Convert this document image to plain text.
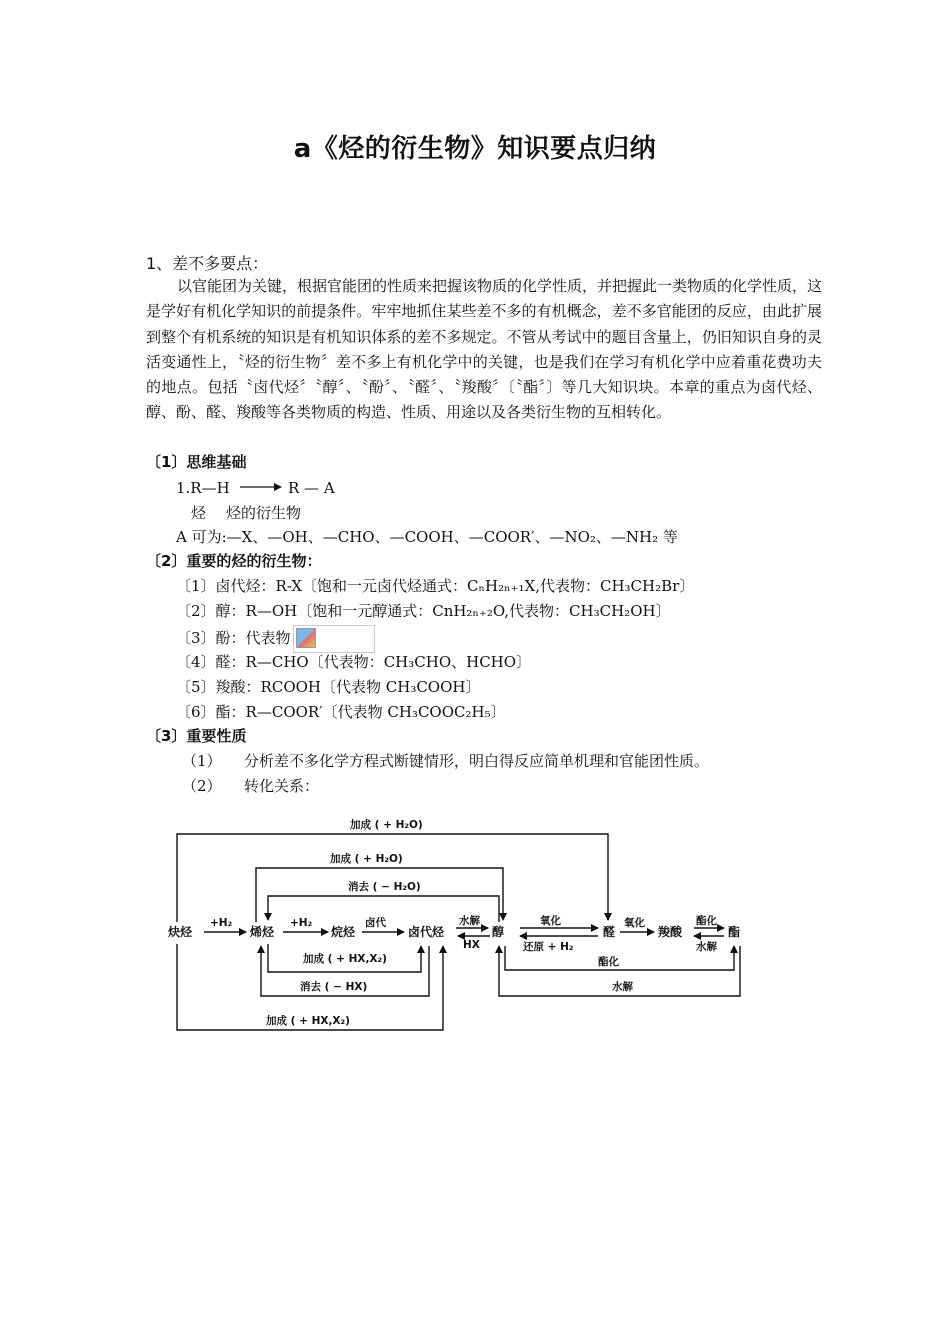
a《烃的衍生物》知识要点归纳
1、差不多要点：
以官能团为关键，根据官能团的性质来把握该物质的化学性质，并把握此一类物质的化学性质，这是学好有机化学知识的前提条件。牢牢地抓住某些差不多的有机概念，差不多官能团的反应，由此扩展到整个有机系统的知识是有机知识体系的差不多规定。不管从考试中的题目含量上，仍旧知识自身的灵活变通性上，〝烃的衍生物〞差不多上有机化学中的关键，也是我们在学习有机化学中应着重花费功夫的地点。包括〝卤代烃〞〝醇〞、〝酚〞、〝醛〞、〝羧酸〞〔〝酯〞〕等几大知识块。本章的重点为卤代烃、醇、酚、醛、羧酸等各类物质的构造、性质、用途以及各类衍生物的互相转化。
〔1〕思维基础
1.R—H → R — A
烃 烃的衍生物
A 可为:—X、—OH、—CHO、—COOH、—COOR′、—NO₂、—NH₂ 等
〔2〕重要的烃的衍生物：
〔1〕卤代烃：R-X〔饱和一元卤代烃通式：CₙH₂ₙ₊₁X,代表物：CH₃CH₂Br〕
〔2〕醇：R—OH〔饱和一元醇通式：CnH₂ₙ₊₂O,代表物：CH₃CH₂OH〕
〔3〕酚：代表物
〔4〕醛：R—CHO〔代表物：CH₃CHO、HCHO〕
〔5〕羧酸：RCOOH〔代表物 CH₃COOH〕
〔6〕酯：R—COOR′〔代表物 CH₃COOC₂H₅〕
〔3〕重要性质
（1） 分析差不多化学方程式断键情形，明白得反应简单机理和官能团性质。
（2） 转化关系：
炔烃	烯烃	烷烃	卤代烃	醇	醛	羧酸	酯
+H₂	+H₂	卤代	水解
HX
氧化
还原 + H₂
氧化	酯化
水解
加成 ( + H₂O)
加成 ( + H₂O)
消去 ( − H₂O)
加成 ( + HX,X₂)
消去 ( − HX)
加成 ( + HX,X₂)
酯化
水解
